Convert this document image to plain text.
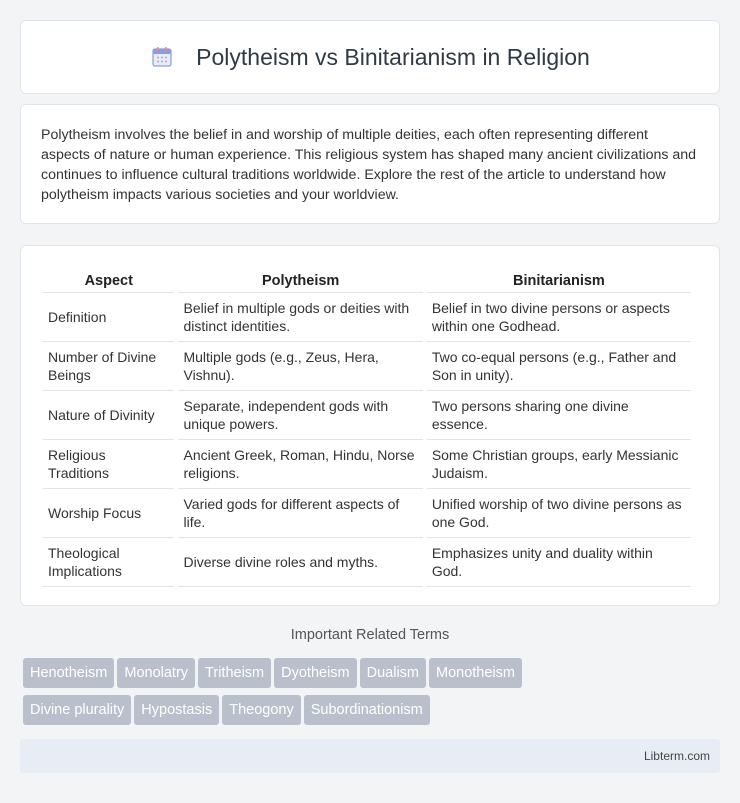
Polytheism vs Binitarianism in Religion

Polytheism involves the belief in and worship of multiple deities, each often representing different aspects of nature or human experience. This religious system has shaped many ancient civilizations and continues to influence cultural traditions worldwide. Explore the rest of the article to understand how polytheism impacts various societies and your worldview.

Aspect	Polytheism	Binitarianism
Definition	Belief in multiple gods or deities with distinct identities.	Belief in two divine persons or aspects within one Godhead.
Number of Divine Beings	Multiple gods (e.g., Zeus, Hera, Vishnu).	Two co-equal persons (e.g., Father and Son in unity).
Nature of Divinity	Separate, independent gods with unique powers.	Two persons sharing one divine essence.
Religious Traditions	Ancient Greek, Roman, Hindu, Norse religions.	Some Christian groups, early Messianic Judaism.
Worship Focus	Varied gods for different aspects of life.	Unified worship of two divine persons as one God.
Theological Implications	Diverse divine roles and myths.	Emphasizes unity and duality within God.
Important Related Terms
Henotheism Monolatry Tritheism Dyotheism Dualism Monotheism
Divine plurality Hypostasis Theogony Subordinationism
Libterm.com
